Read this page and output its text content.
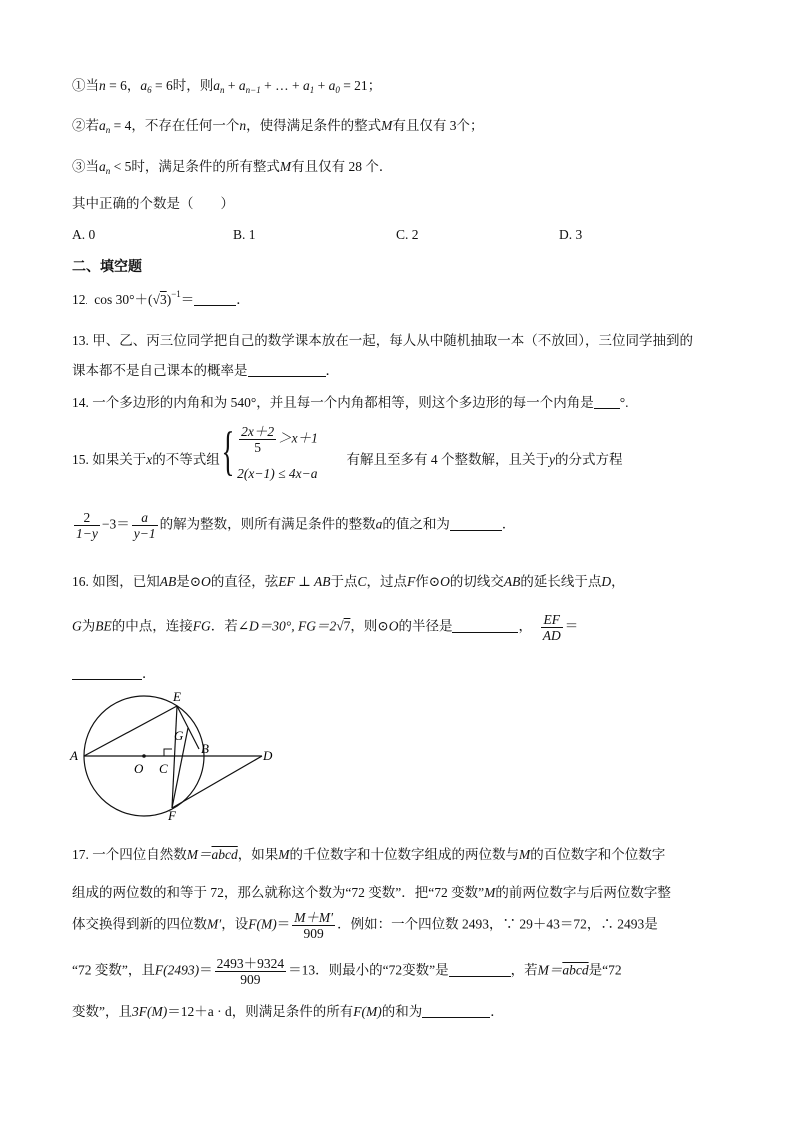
①当n = 6，$a_6 = 6$时，则$a_n + a_{n-1}$ + … + $a_1 + a_0 = 21$；
②若$a_n = 4$，不存在任何一个n，使得满足条件的整式M有且仅有 3个；
③当$a_n < 5$时，满足条件的所有整式M有且仅有 28 个．
其中正确的个数是（　　）
A. 0	B. 1	C. 2	D. 3
二、填空题
12. $\cos 30^\circ+(√3)^{-1}=$	．
13. 甲、乙、丙三位同学把自己的数学课本放在一起，每人从中随机抽取一本（不放回），三位同学抽到的
课本都不是自己课本的概率是	．
14. 一个多边形的内角和为 540°，并且每一个内角都相等，则这个多边形的每一个内角是 °.
15. 如果关于x的不等式组 { $\frac{2x+2}{5} >x+1$
2(x−1) ≤ 4x−a
有解且至多有 4 个整数解，且关于y的分式方程
$\frac{2}{1-y} -3= \frac{a}{y-1}$ 的解为整数，则所有满足条件的整数a的值之和为	．
16. 如图，已知AB是⊙O的直径，弦EF ⊥ AB于点C，过点F作⊙O的切线交AB的延长线于点D，
G为BE的中点，连接FG．若∠D＝30°, FG＝2√7，则⊙O的半径是	， $\frac{EF}{AD}$ ＝
．
A
O C
B	D
E
F
G
17. 一个四位自然数M＝abcd，如果M的千位数字和十位数字组成的两位数与M的百位数字和个位数字
组成的两位数的和等于 72，那么就称这个数为“72 变数”．把“72 变数”M的前两位数字与后两位数字整
体交换得到新的四位数M′，设$F(M)= \frac{M+M'}{909}$ ．例如：一个四位数 2493，∵ 29＋43＝72，∴ 2493是
“72 变数”，且$F(2493)= \frac{2493+9324}{909} =13$．则最小的“72变数”是	，若M＝abcd是“72
变数”，且3F(M)＝12＋a · d，则满足条件的所有F(M)的和为	．
